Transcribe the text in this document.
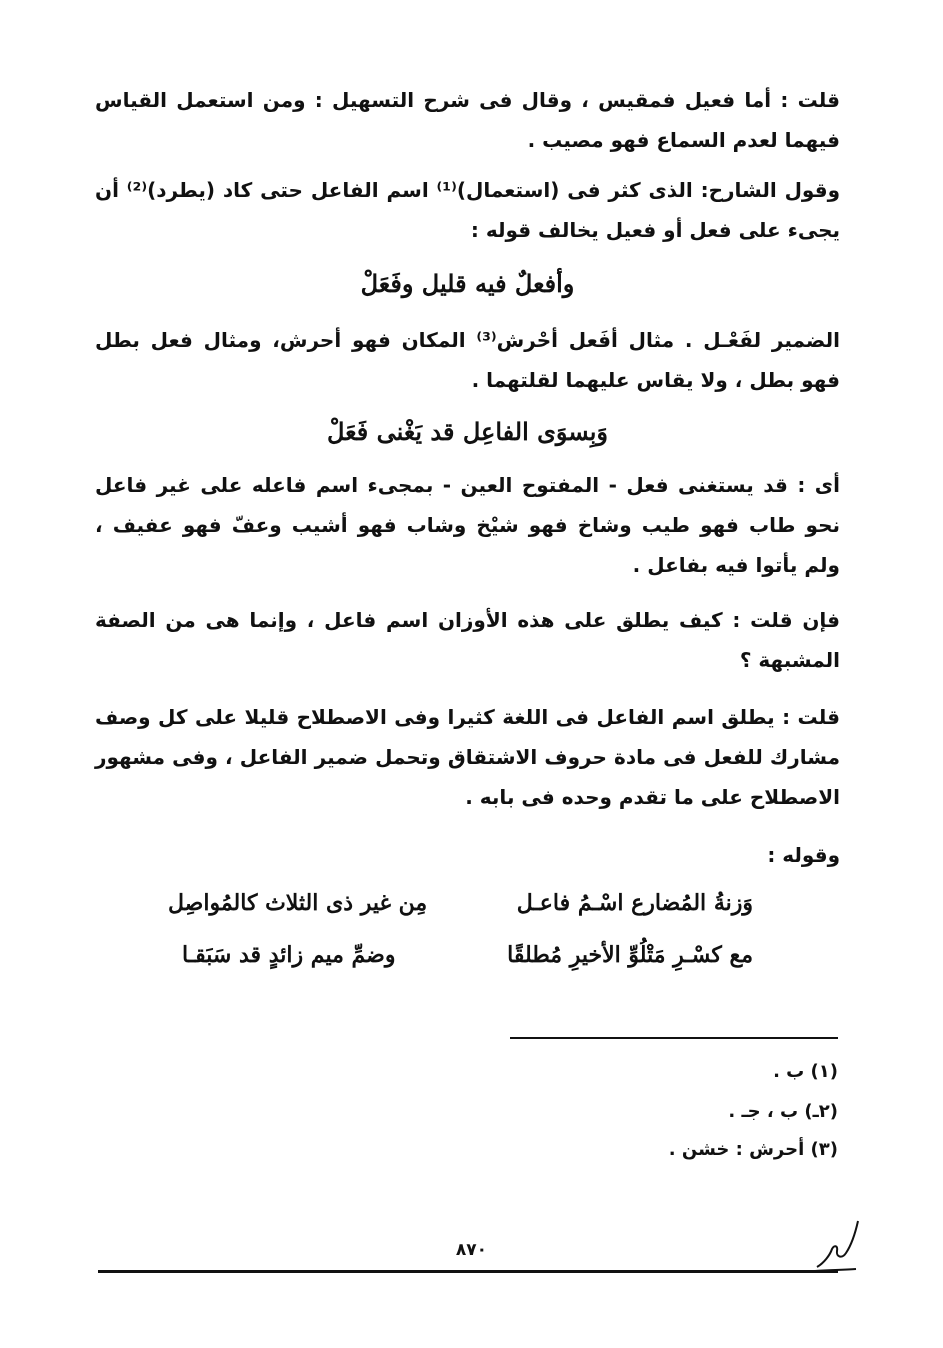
قلت : أما فعيل فمقيس ، وقال فى شرح التسهيل : ومن استعمل القياس فيهما لعدم السماع فهو مصيب .
وقول الشارح: الذى كثر فى (استعمال)⁽¹⁾ اسم الفاعل حتى كاد (يطرد)⁽²⁾ أن يجىء على فعل أو فعيل يخالف قوله :
وأفعلٌ فيه قليل وفَعَلْ
الضمير لفَعْـل . مثال أفَعل أحْرش⁽³⁾ المكان فهو أحرش، ومثال فعل بطل فهو بطل ، ولا يقاس عليهما لقلتهما .
وَبِسوَى الفاعِل قد يَغْنى فَعَلْ
أى : قد يستغنى فعل - المفتوح العين - بمجىء اسم فاعله على غير فاعل نحو طاب فهو طيب وشاخ فهو شيْخ وشاب فهو أشيب وعفّ فهو عفيف ، ولم يأتوا فيه بفاعل .
فإن قلت : كيف يطلق على هذه الأوزان اسم فاعل ، وإنما هى من الصفة المشبهة ؟
قلت : يطلق اسم الفاعل فى اللغة كثيرا وفى الاصطلاح قليلا على كل وصف مشارك للفعل فى مادة حروف الاشتقاق وتحمل ضمير الفاعل ، وفى مشهور الاصطلاح على ما تقدم وحده فى بابه .
وقوله :
وَزنةُ المُضارع اسْـمُ فاعـل
مِن غير ذى الثلاث كالمُواصِل
مع كسْـرِ مَتْلُوِّ الأخيرِ مُطلقًا
وضمِّ ميم زائدٍ قد سَبَقـا
(١) ب .
(٢ـ) ب ، جـ .
(٣) أحرش : خشن .
٨٧٠
